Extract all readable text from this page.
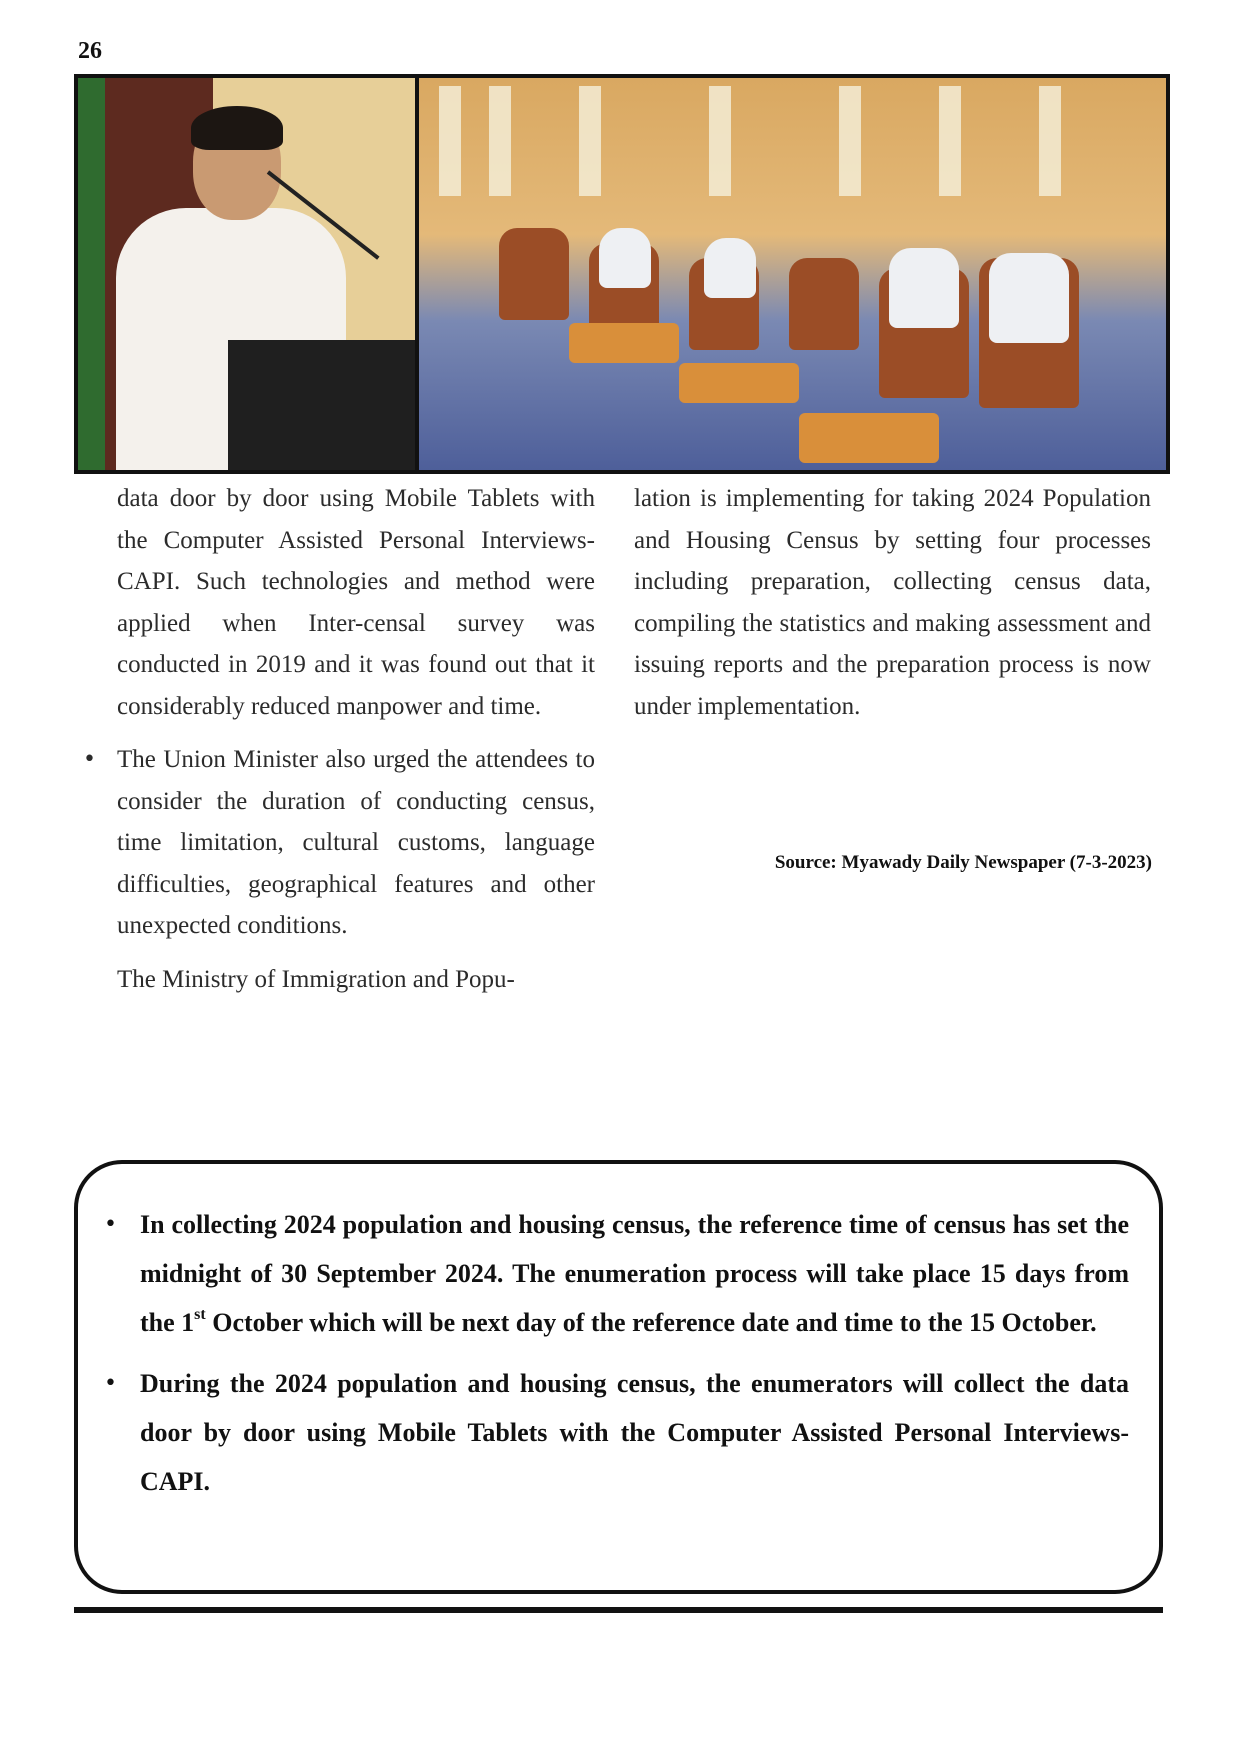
26

data door by door using Mobile Tablets with the Computer Assisted Personal Interviews-CAPI. Such technologies and method were applied when Inter-censal survey was conducted in 2019 and it was found out that it considerably reduced manpower and time.

• The Union Minister also urged the attendees to consider the duration of conducting census, time limitation, cultural customs, language difficulties, geographical features and other unexpected conditions.

The Ministry of Immigration and Popu-

lation is implementing for taking 2024 Population and Housing Census by setting four processes including preparation, collecting census data, compiling the statistics and making assessment and issuing reports and the preparation process is now under implementation.

Source: Myawady Daily Newspaper (7-3-2023)
• In collecting 2024 population and housing census, the reference time of census has set the midnight of 30 September 2024. The enumeration process will take place 15 days from the 1st October which will be next day of the reference date and time to the 15 October.
• During the 2024 population and housing census, the enumerators will collect the data door by door using Mobile Tablets with the Computer Assisted Personal Interviews-CAPI.
